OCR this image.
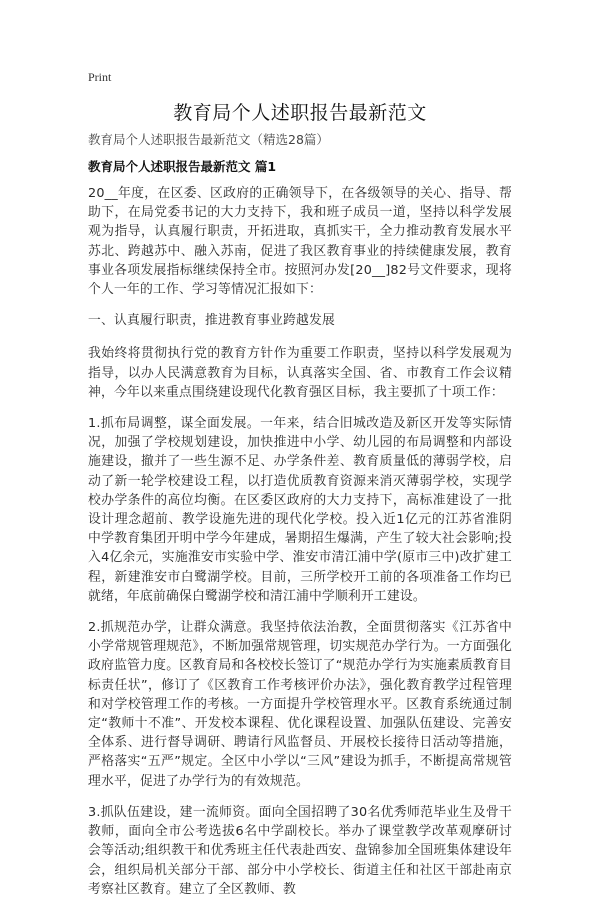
Print
教育局个人述职报告最新范文

教育局个人述职报告最新范文（精选28篇）

教育局个人述职报告最新范文 篇1

20__年度，在区委、区政府的正确领导下，在各级领导的关心、指导、帮助下，在局党委书记的大力支持下，我和班子成员一道，坚持以科学发展观为指导，认真履行职责，开拓进取，真抓实干，全力推动教育发展水平苏北、跨越苏中、融入苏南，促进了我区教育事业的持续健康发展，教育事业各项发展指标继续保持全市。按照河办发[20__]82号文件要求，现将个人一年的工作、学习等情况汇报如下：

一、认真履行职责，推进教育事业跨越发展

我始终将贯彻执行党的教育方针作为重要工作职责，坚持以科学发展观为指导，以办人民满意教育为目标，认真落实全国、省、市教育工作会议精神，今年以来重点围绕建设现代化教育强区目标，我主要抓了十项工作：

1.抓布局调整，谋全面发展。一年来，结合旧城改造及新区开发等实际情况，加强了学校规划建设，加快推进中小学、幼儿园的布局调整和内部设施建设，撤并了一些生源不足、办学条件差、教育质量低的薄弱学校，启动了新一轮学校建设工程，以打造优质教育资源来消灭薄弱学校，实现学校办学条件的高位均衡。在区委区政府的大力支持下，高标准建设了一批设计理念超前、教学设施先进的现代化学校。投入近1亿元的江苏省淮阴中学教育集团开明中学今年建成，暑期招生爆满，产生了较大社会影响;投入4亿余元，实施淮安市实验中学、淮安市清江浦中学(原市三中)改扩建工程，新建淮安市白鹭湖学校。目前，三所学校开工前的各项准备工作均已就绪，年底前确保白鹭湖学校和清江浦中学顺利开工建设。

2.抓规范办学，让群众满意。我坚持依法治教，全面贯彻落实《江苏省中小学常规管理规范》，不断加强常规管理，切实规范办学行为。一方面强化政府监管力度。区教育局和各校校长签订了“规范办学行为实施素质教育目标责任状”，修订了《区教育工作考核评价办法》，强化教育教学过程管理和对学校管理工作的考核。一方面提升学校管理水平。区教育系统通过制定“教师十不准”、开发校本课程、优化课程设置、加强队伍建设、完善安全体系、进行督导调研、聘请行风监督员、开展校长接待日活动等措施，严格落实“五严”规定。全区中小学以“三风”建设为抓手，不断提高常规管理水平，促进了办学行为的有效规范。

3.抓队伍建设，建一流师资。面向全国招聘了30名优秀师范毕业生及骨干教师，面向全市公考选拔6名中学副校长。举办了课堂教学改革观摩研讨会等活动;组织教干和优秀班主任代表赴西安、盘锦参加全国班集体建设年会，组织局机关部分干部、部分中小学校长、街道主任和社区干部赴南京考察社区教育。建立了全区教师、教
